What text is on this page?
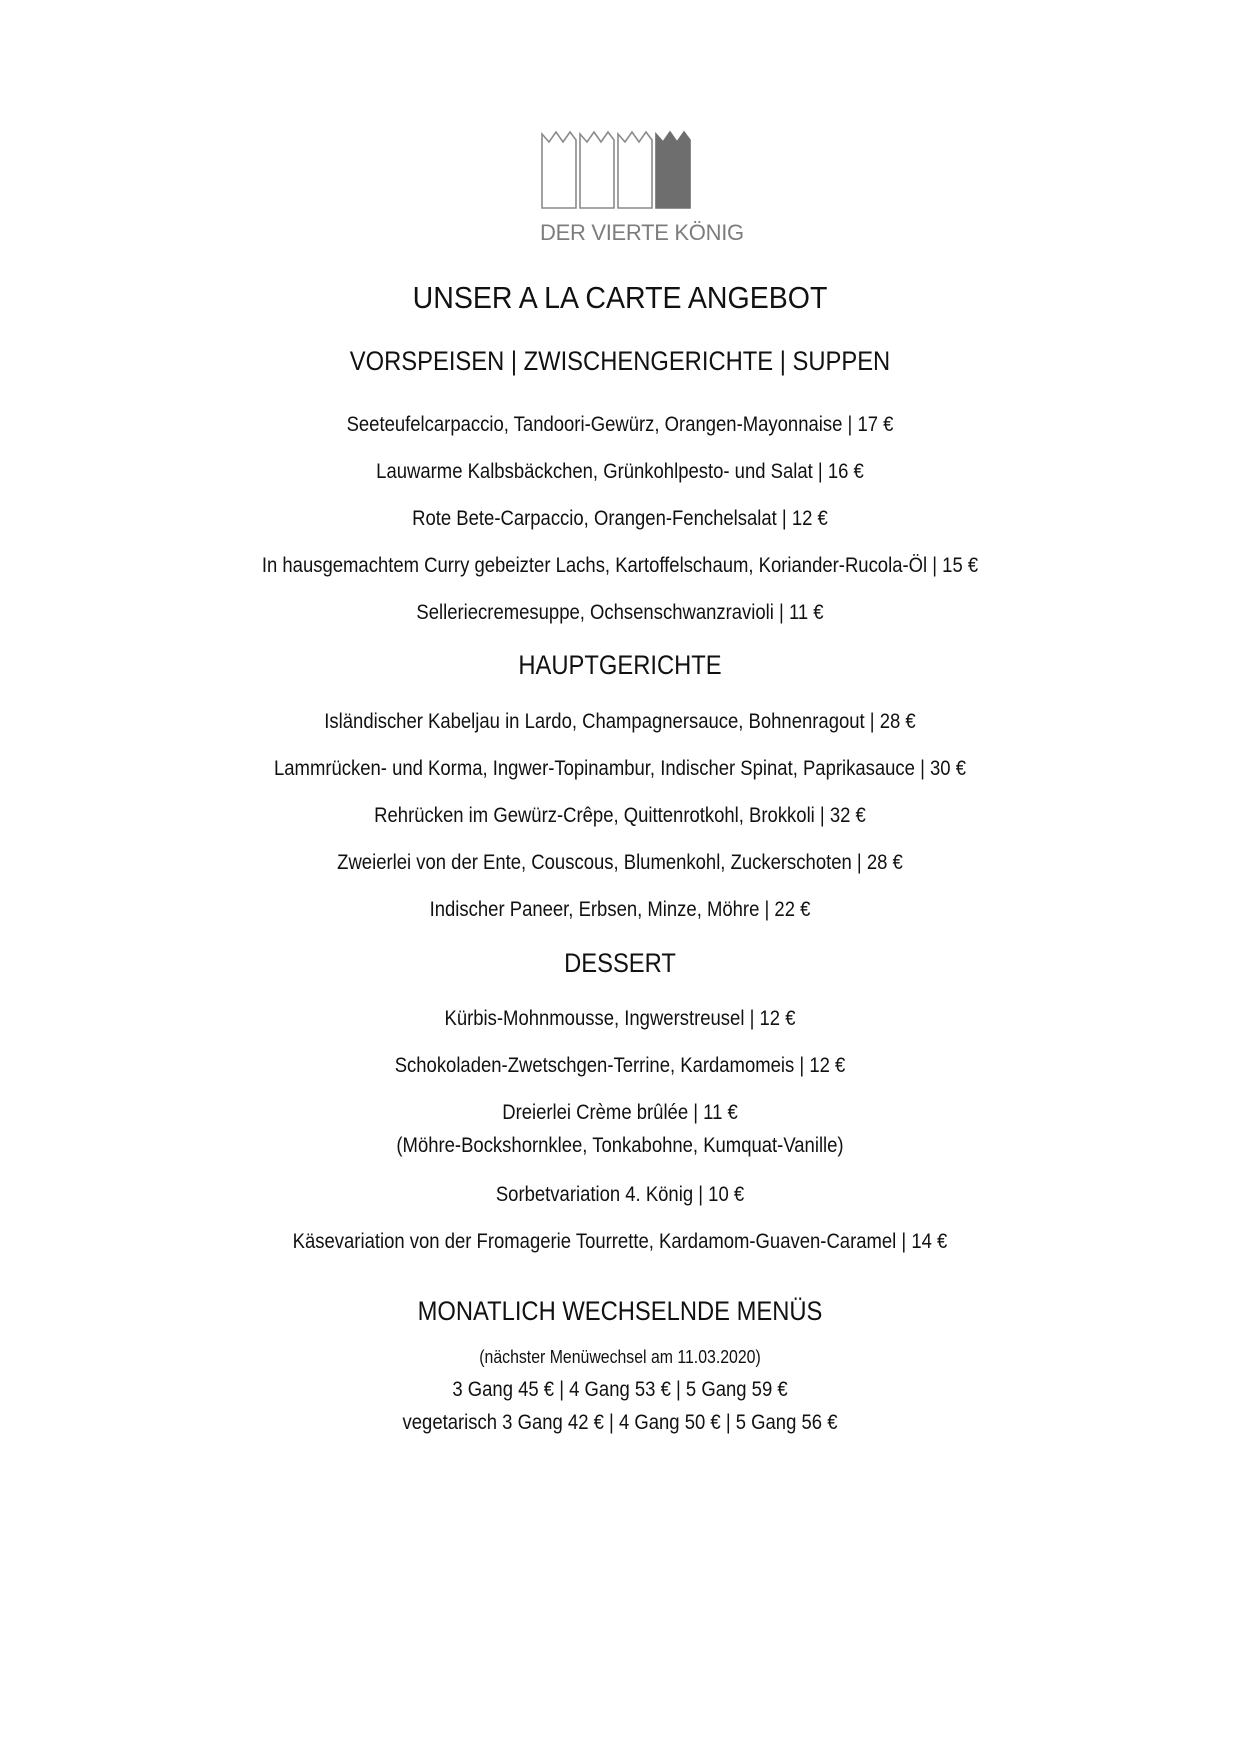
DER VIERTE KÖNIG
UNSER A LA CARTE ANGEBOT
VORSPEISEN | ZWISCHENGERICHTE | SUPPEN
Seeteufelcarpaccio, Tandoori-Gewürz, Orangen-Mayonnaise | 17 €
Lauwarme Kalbsbäckchen, Grünkohlpesto- und Salat | 16 €
Rote Bete-Carpaccio, Orangen-Fenchelsalat | 12 €
In hausgemachtem Curry gebeizter Lachs, Kartoffelschaum, Koriander-Rucola-Öl | 15 €
Selleriecremesuppe, Ochsenschwanzravioli | 11 €
HAUPTGERICHTE
Isländischer Kabeljau in Lardo, Champagnersauce, Bohnenragout | 28 €
Lammrücken- und Korma, Ingwer-Topinambur, Indischer Spinat, Paprikasauce | 30 €
Rehrücken im Gewürz-Crêpe, Quittenrotkohl, Brokkoli | 32 €
Zweierlei von der Ente, Couscous, Blumenkohl, Zuckerschoten | 28 €
Indischer Paneer, Erbsen, Minze, Möhre | 22 €
DESSERT
Kürbis-Mohnmousse, Ingwerstreusel | 12 €
Schokoladen-Zwetschgen-Terrine, Kardamomeis | 12 €
Dreierlei Crème brûlée | 11 €
(Möhre-Bockshornklee, Tonkabohne, Kumquat-Vanille)
Sorbetvariation 4. König | 10 €
Käsevariation von der Fromagerie Tourrette, Kardamom-Guaven-Caramel | 14 €
MONATLICH WECHSELNDE MENÜS
(nächster Menüwechsel am 11.03.2020)
3 Gang 45 € | 4 Gang 53 € | 5 Gang 59 €
vegetarisch 3 Gang 42 € | 4 Gang 50 € | 5 Gang 56 €
